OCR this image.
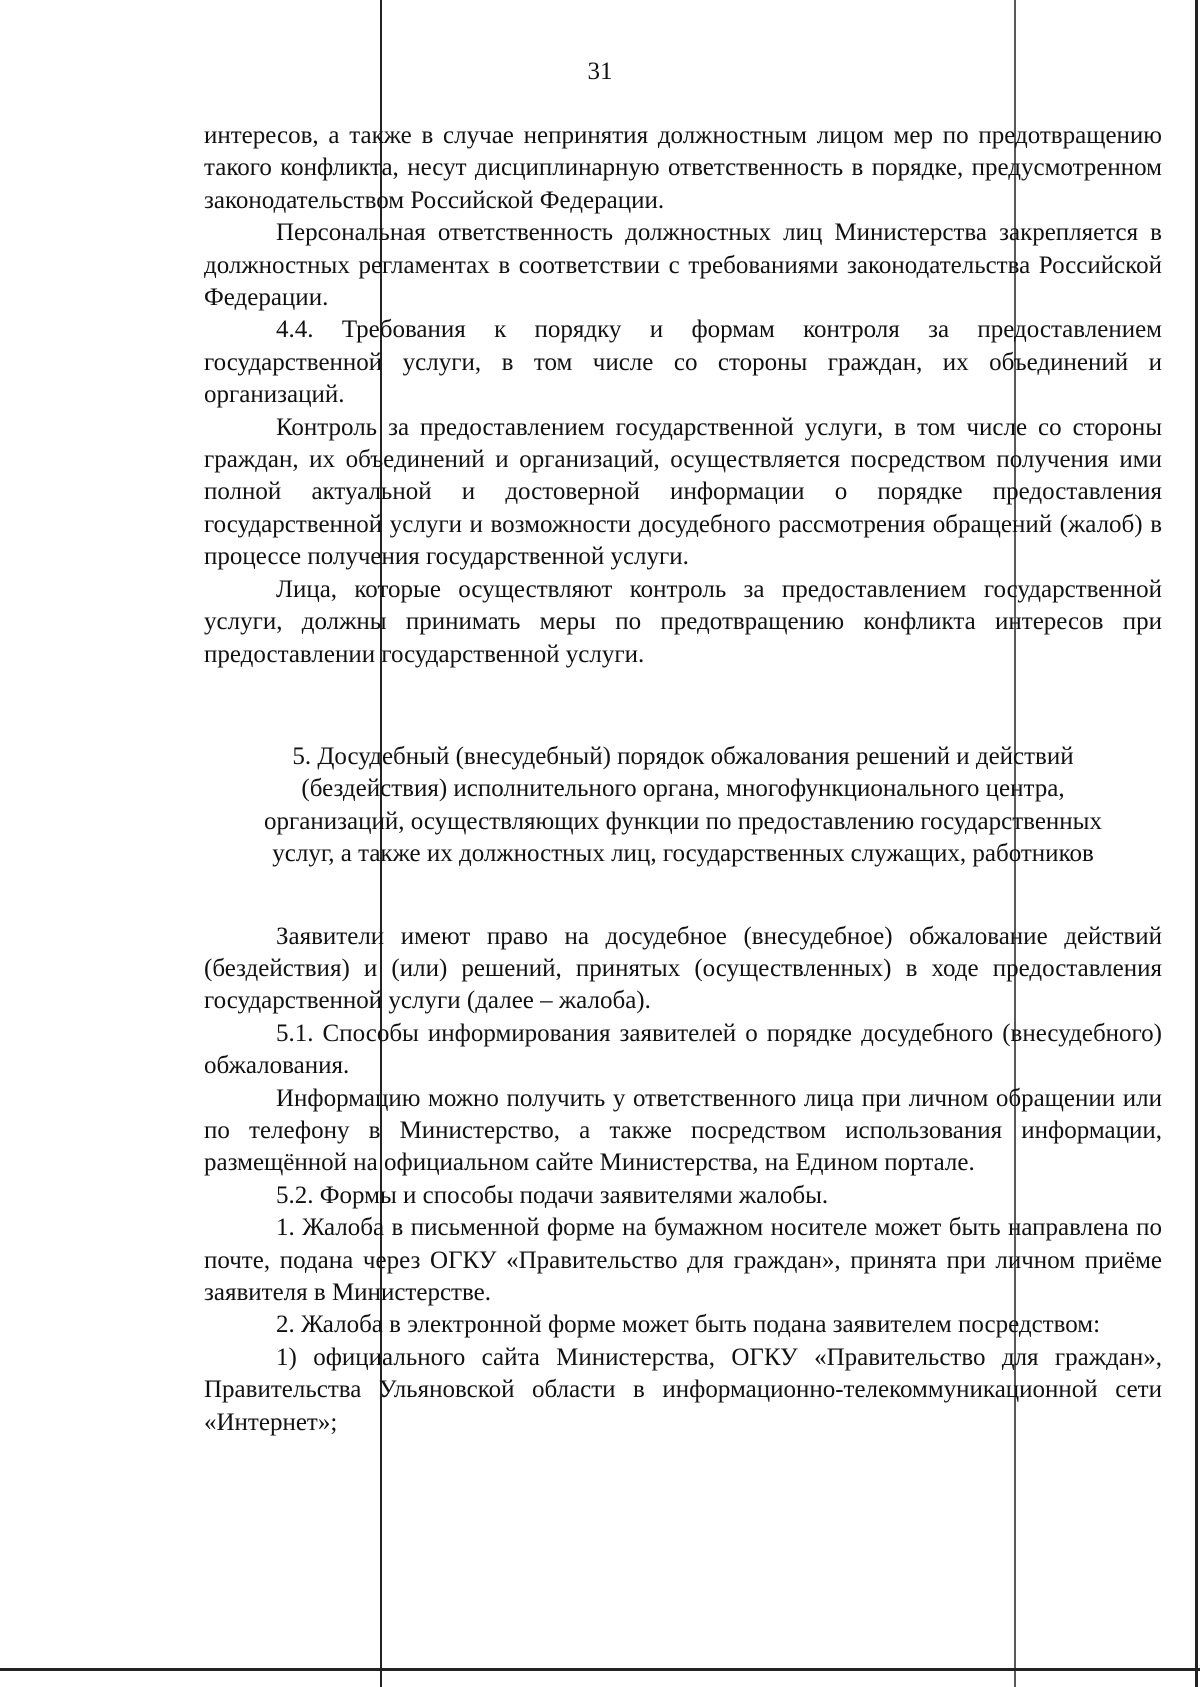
31

интересов, а также в случае непринятия должностным лицом мер по предотвращению такого конфликта, несут дисциплинарную ответственность в порядке, предусмотренном законодательством Российской Федерации.

Персональная ответственность должностных лиц Министерства закрепляется в должностных регламентах в соответствии с требованиями законодательства Российской Федерации.

4.4. Требования к порядку и формам контроля за предоставлением государственной услуги, в том числе со стороны граждан, их объединений и организаций.

Контроль за предоставлением государственной услуги, в том числе со стороны граждан, их объединений и организаций, осуществляется посредством получения ими полной актуальной и достоверной информации о порядке предоставления государственной услуги и возможности досудебного рассмотрения обращений (жалоб) в процессе получения государственной услуги.

Лица, которые осуществляют контроль за предоставлением государственной услуги, должны принимать меры по предотвращению конфликта интересов при предоставлении государственной услуги.

5. Досудебный (внесудебный) порядок обжалования решений и действий

(бездействия) исполнительного органа, многофункционального центра,

организаций, осуществляющих функции по предоставлению государственных

услуг, а также их должностных лиц, государственных служащих, работников

Заявители имеют право на досудебное (внесудебное) обжалование действий (бездействия) и (или) решений, принятых (осуществленных) в ходе предоставления государственной услуги (далее – жалоба).

5.1. Способы информирования заявителей о порядке досудебного (внесудебного) обжалования.

Информацию можно получить у ответственного лица при личном обращении или по телефону в Министерство, а также посредством использования информации, размещённой на официальном сайте Министерства, на Едином портале.

5.2. Формы и способы подачи заявителями жалобы.

1. Жалоба в письменной форме на бумажном носителе может быть направлена по почте, подана через ОГКУ «Правительство для граждан», принята при личном приёме заявителя в Министерстве.

2. Жалоба в электронной форме может быть подана заявителем посредством:

1) официального сайта Министерства, ОГКУ «Правительство для граждан», Правительства Ульяновской области в информационно-телекоммуникационной сети «Интернет»;
